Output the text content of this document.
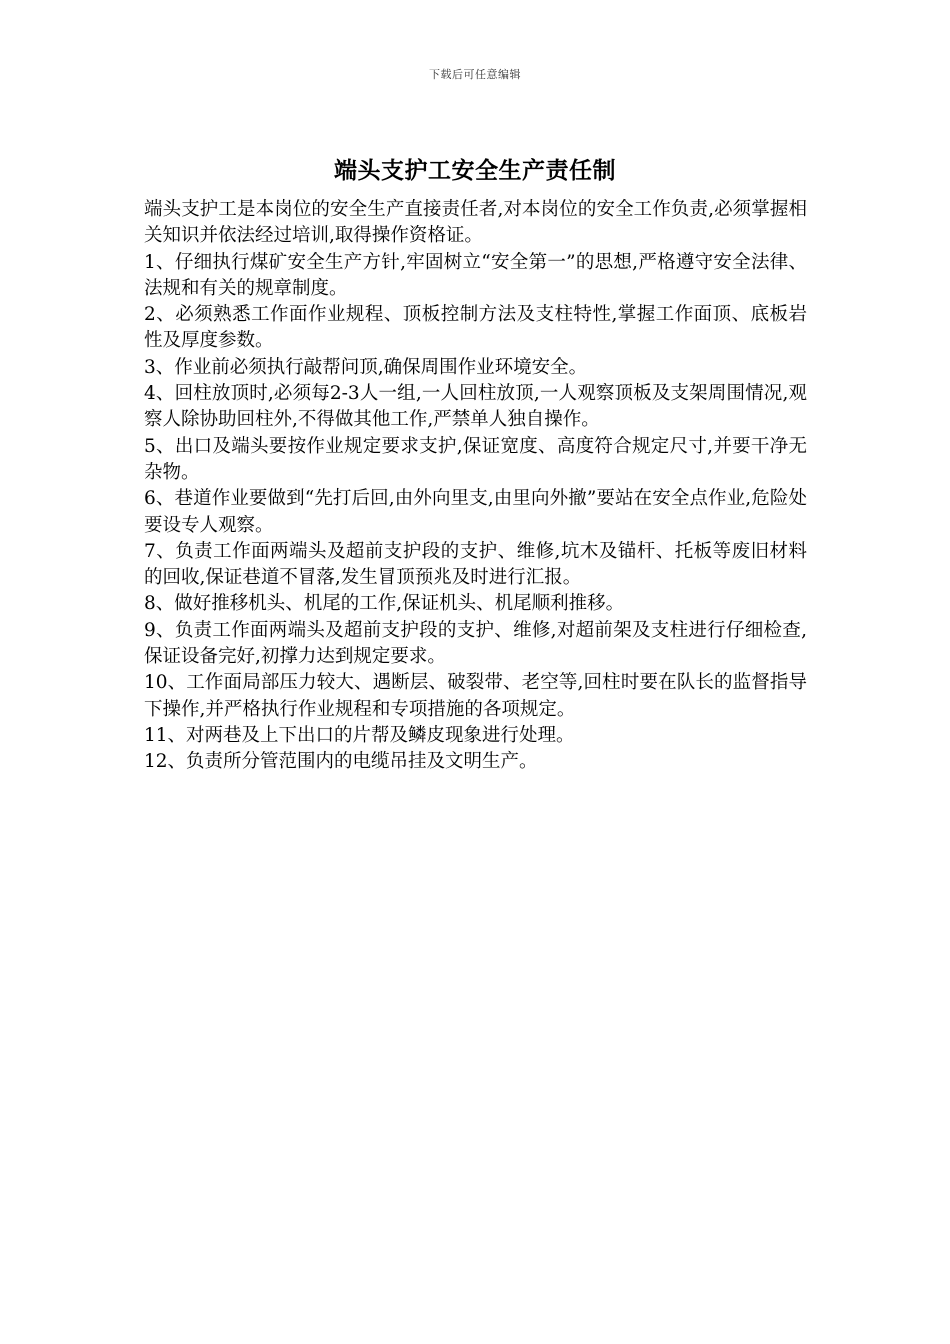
下载后可任意编辑
端头支护工安全生产责任制

端头支护工是本岗位的安全生产直接责任者,对本岗位的安全工作负责,必须掌握相关知识并依法经过培训,取得操作资格证。

1、仔细执行煤矿安全生产方针,牢固树立“安全第一”的思想,严格遵守安全法律、法规和有关的规章制度。

2、必须熟悉工作面作业规程、顶板控制方法及支柱特性,掌握工作面顶、底板岩性及厚度参数。

3、作业前必须执行敲帮问顶,确保周围作业环境安全。

4、回柱放顶时,必须每2-3人一组,一人回柱放顶,一人观察顶板及支架周围情况,观察人除协助回柱外,不得做其他工作,严禁单人独自操作。

5、出口及端头要按作业规定要求支护,保证宽度、高度符合规定尺寸,并要干净无杂物。

6、巷道作业要做到“先打后回,由外向里支,由里向外撤”要站在安全点作业,危险处要设专人观察。

7、负责工作面两端头及超前支护段的支护、维修,坑木及锚杆、托板等废旧材料的回收,保证巷道不冒落,发生冒顶预兆及时进行汇报。

8、做好推移机头、机尾的工作,保证机头、机尾顺利推移。

9、负责工作面两端头及超前支护段的支护、维修,对超前架及支柱进行仔细检查,保证设备完好,初撑力达到规定要求。

10、工作面局部压力较大、遇断层、破裂带、老空等,回柱时要在队长的监督指导下操作,并严格执行作业规程和专项措施的各项规定。

11、对两巷及上下出口的片帮及鳞皮现象进行处理。

12、负责所分管范围内的电缆吊挂及文明生产。
